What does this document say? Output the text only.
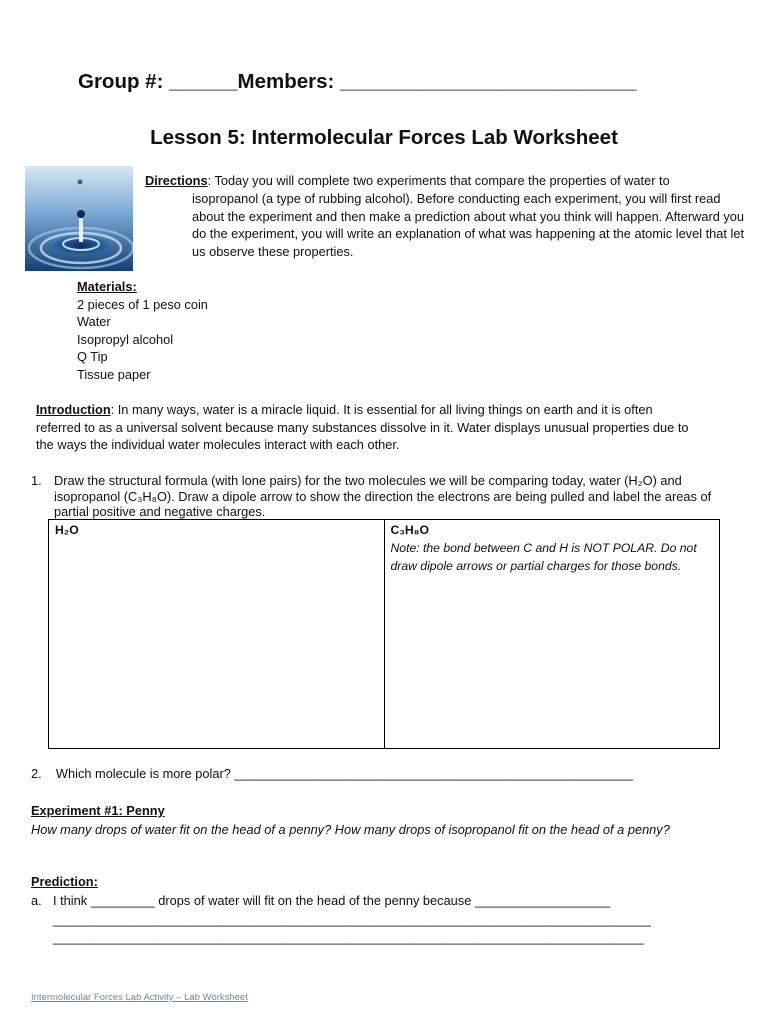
Group #: ______Members: __________________________
Lesson 5: Intermolecular Forces Lab Worksheet
Directions: Today you will complete two experiments that compare the properties of water to
isopropanol (a type of rubbing alcohol). Before conducting each experiment, you will first read about the experiment and then make a prediction about what you think will happen. Afterward you do the experiment, you will write an explanation of what was happening at the atomic level that let us observe these properties.
Materials:
2 pieces of 1 peso coin
Water
Isopropyl alcohol
Q Tip
Tissue paper
Introduction: In many ways, water is a miracle liquid. It is essential for all living things on earth and it is often referred to as a universal solvent because many substances dissolve in it. Water displays unusual properties due to the ways the individual water molecules interact with each other.
1. Draw the structural formula (with lone pairs) for the two molecules we will be comparing today, water (H₂O) and isopropanol (C₃H₈O). Draw a dipole arrow to show the direction the electrons are being pulled and label the areas of partial positive and negative charges.
H₂O	C₃H₈O
Note: the bond between C and H is NOT POLAR. Do not draw dipole arrows or partial charges for those bonds.
2. Which molecule is more polar? ________________________________________________________
Experiment #1: Penny
How many drops of water fit on the head of a penny? How many drops of isopropanol fit on the head of a penny?
Prediction:
a. I think _________ drops of water will fit on the head of the penny because ___________________
____________________________________________________________________________________
___________________________________________________________________________________
Intermolecular Forces Lab Activity – Lab Worksheet
